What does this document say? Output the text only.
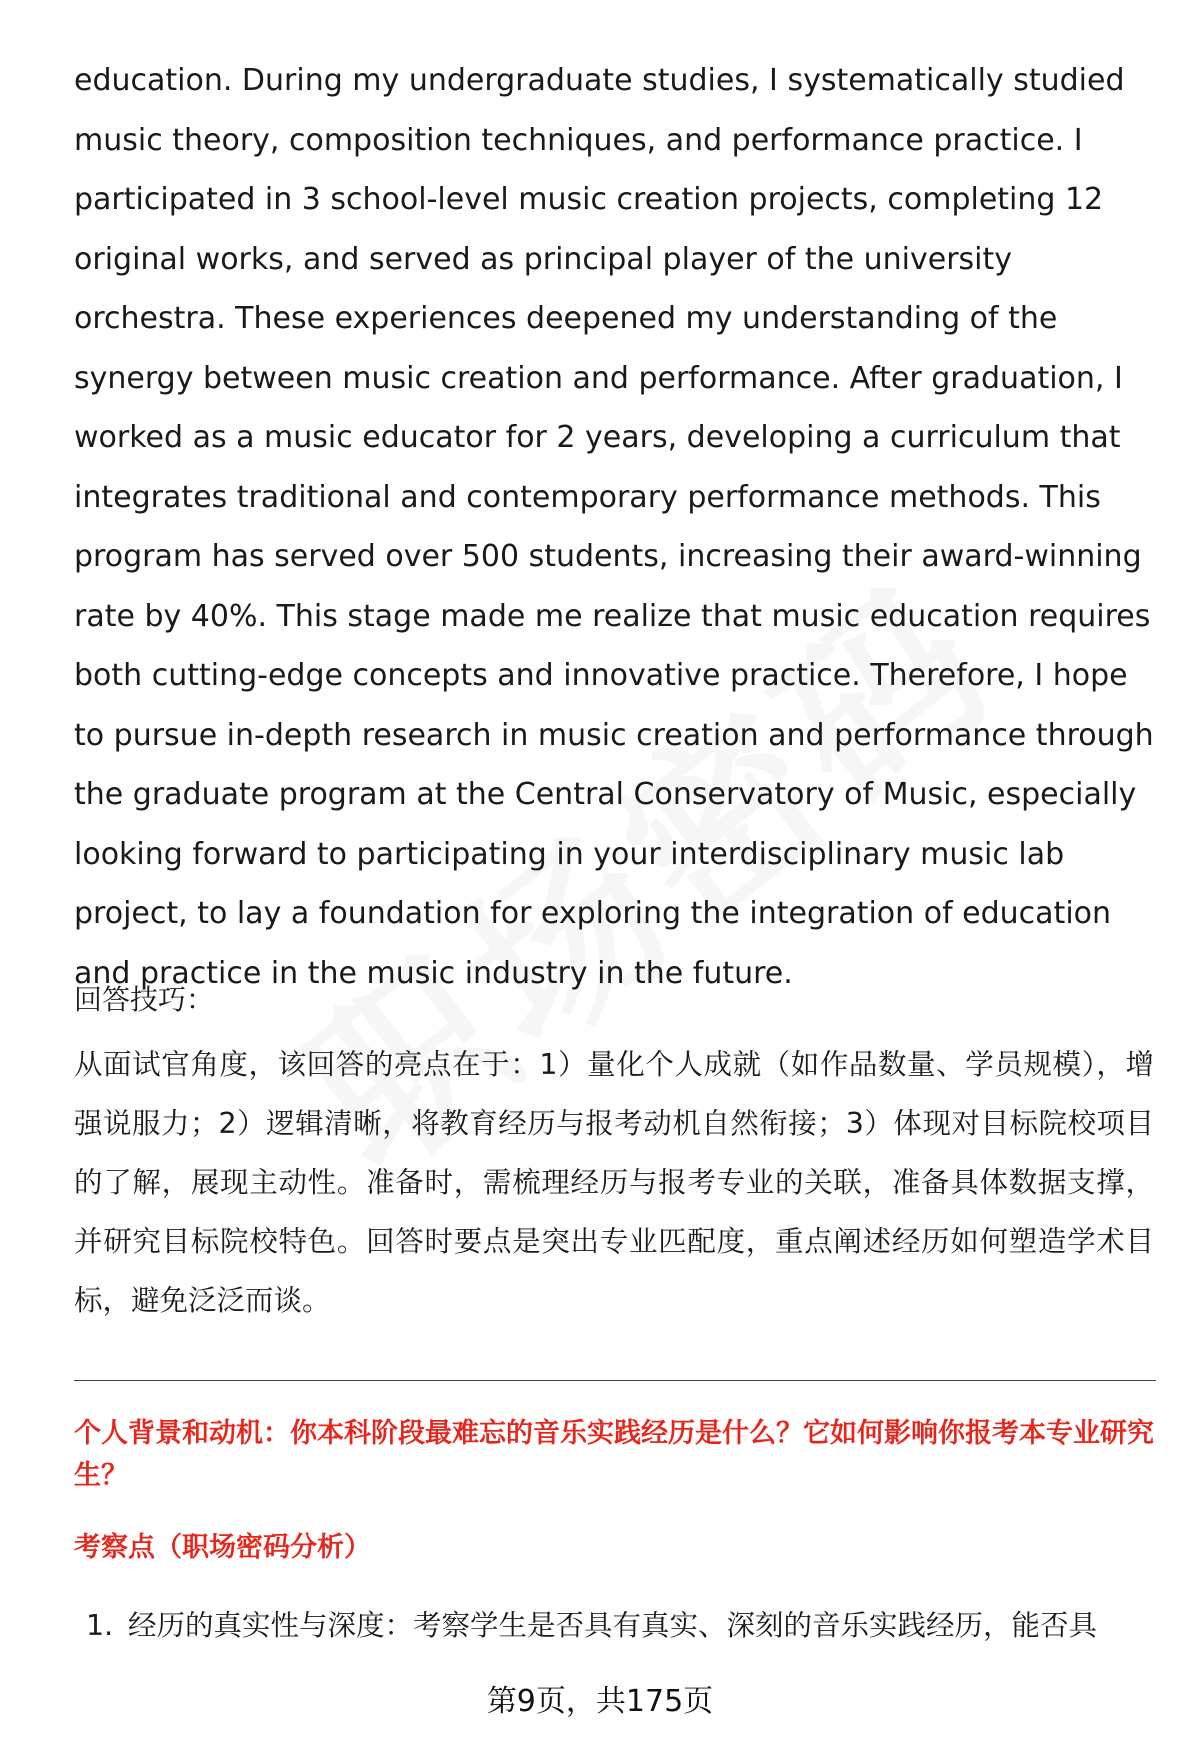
education. During my undergraduate studies, I systematically studied music theory, composition techniques, and performance practice. I participated in 3 school-level music creation projects, completing 12 original works, and served as principal player of the university orchestra. These experiences deepened my understanding of the synergy between music creation and performance. After graduation, I worked as a music educator for 2 years, developing a curriculum that integrates traditional and contemporary performance methods. This program has served over 500 students, increasing their award-winning rate by 40%. This stage made me realize that music education requires both cutting-edge concepts and innovative practice. Therefore, I hope to pursue in-depth research in music creation and performance through the graduate program at the Central Conservatory of Music, especially looking forward to participating in your interdisciplinary music lab project, to lay a foundation for exploring the integration of education and practice in the music industry in the future.

回答技巧：

从面试官角度，该回答的亮点在于：1）量化个人成就（如作品数量、学员规模），增强说服力；2）逻辑清晰，将教育经历与报考动机自然衔接；3）体现对目标院校项目的了解，展现主动性。准备时，需梳理经历与报考专业的关联，准备具体数据支撑，并研究目标院校特色。回答时要点是突出专业匹配度，重点阐述经历如何塑造学术目标，避免泛泛而谈。

个人背景和动机：你本科阶段最难忘的音乐实践经历是什么？它如何影响你报考本专业研究生？

考察点（职场密码分析）

1. 经历的真实性与深度：考察学生是否具有真实、深刻的音乐实践经历，能否具

第9页，共175页
